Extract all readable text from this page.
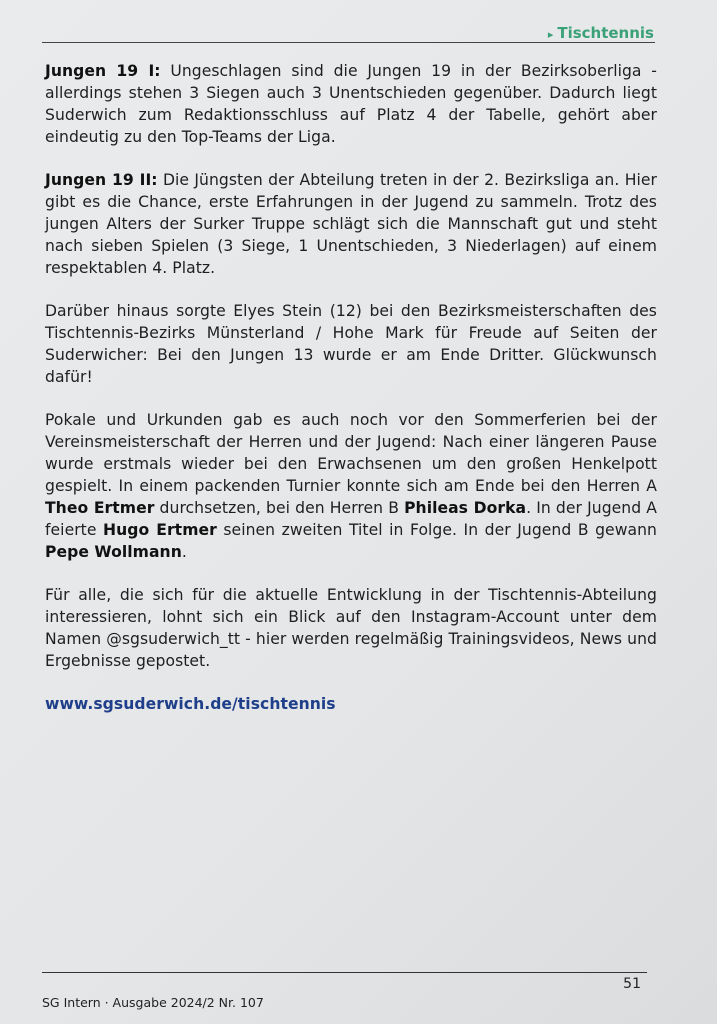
▸ Tischtennis

Jungen 19 I: Ungeschlagen sind die Jungen 19 in der Bezirksoberliga - allerdings stehen 3 Siegen auch 3 Unentschieden gegenüber. Dadurch liegt Suderwich zum Redaktionsschluss auf Platz 4 der Tabelle, gehört aber eindeutig zu den Top-Teams der Liga.

Jungen 19 II: Die Jüngsten der Abteilung treten in der 2. Bezirksliga an. Hier gibt es die Chance, erste Erfahrungen in der Jugend zu sammeln. Trotz des jungen Alters der Surker Truppe schlägt sich die Mannschaft gut und steht nach sieben Spielen (3 Siege, 1 Unentschieden, 3 Niederlagen) auf einem respektablen 4. Platz.

Darüber hinaus sorgte Elyes Stein (12) bei den Bezirksmeisterschaften des Tischtennis-Bezirks Münsterland / Hohe Mark für Freude auf Seiten der Suderwicher: Bei den Jungen 13 wurde er am Ende Dritter. Glückwunsch dafür!

Pokale und Urkunden gab es auch noch vor den Sommerferien bei der Vereinsmeisterschaft der Herren und der Jugend: Nach einer längeren Pause wurde erstmals wieder bei den Erwachsenen um den großen Henkelpott gespielt. In einem packenden Turnier konnte sich am Ende bei den Herren A Theo Ertmer durchsetzen, bei den Herren B Phileas Dorka. In der Jugend A feierte Hugo Ertmer seinen zweiten Titel in Folge. In der Jugend B gewann Pepe Wollmann.

Für alle, die sich für die aktuelle Entwicklung in der Tischtennis-Abteilung interessieren, lohnt sich ein Blick auf den Instagram-Account unter dem Namen @sgsuderwich_tt - hier werden regelmäßig Trainingsvideos, News und Ergebnisse gepostet.

www.sgsuderwich.de/tischtennis
51
SG Intern · Ausgabe 2024/2 Nr. 107
